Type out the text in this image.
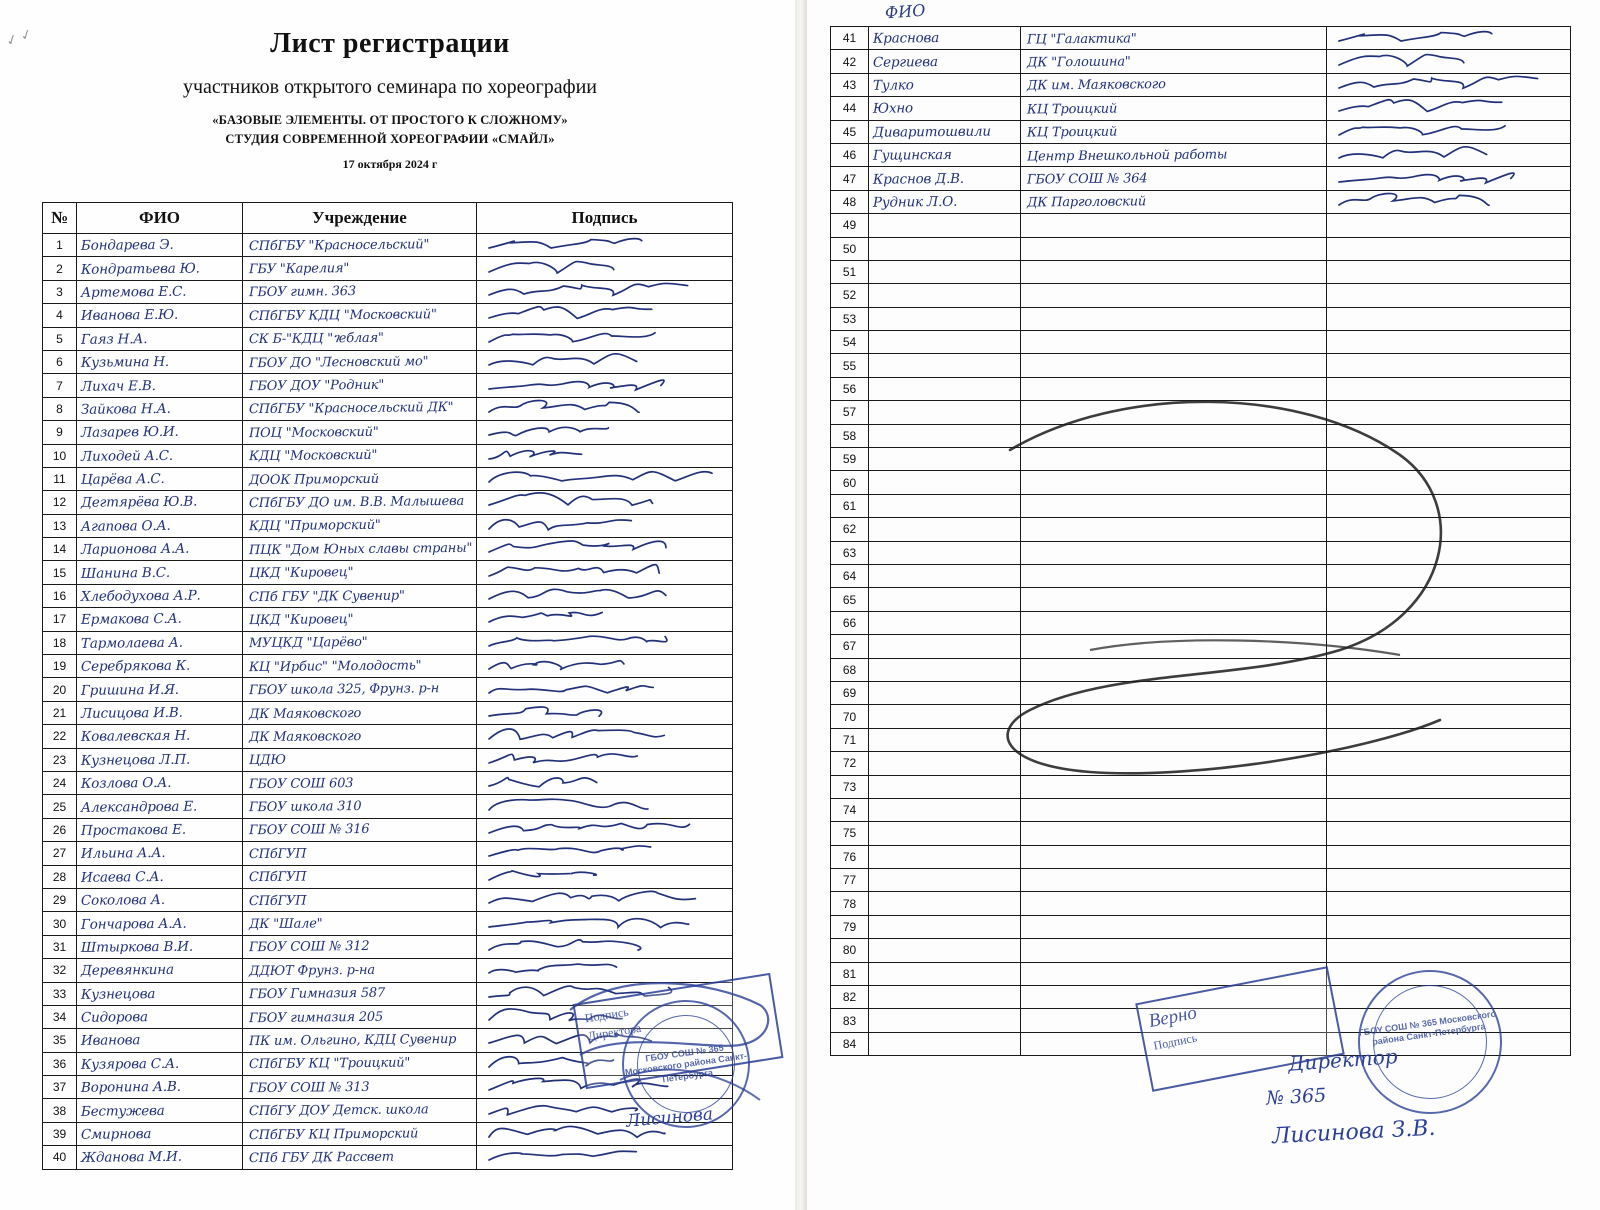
✓ ✓	Лист регистрации
участников открытого семинара по хореографии
«БАЗОВЫЕ ЭЛЕМЕНТЫ. ОТ ПРОСТОГО К СЛОЖНОМУ»
СТУДИЯ СОВРЕМЕННОЙ ХОРЕОГРАФИИ «СМАЙЛ»
17 октября 2024 г
№	ФИО	Учреждение	Подпись
1	Бондарева Э.	СПбГБУ "Красносельский"

2	Кондратьева Ю.	ГБУ "Карелия"

3	Артемова Е.С.	ГБОУ гимн. 363

4	Иванова Е.Ю.	СПбГБУ КДЦ "Московский"

5	Гаяз Н.А.	СК Б-"КДЦ "ገеблая"

6	Кузьмина Н.	ГБОУ ДО "Лесновский мо"

7	Лихач Е.В.	ГБОУ ДОУ "Родник"

8	Зайкова Н.А.	СПбГБУ "Красносельский ДК"

9	Лазарев Ю.И.	ПОЦ "Московский"

10	Лиходей А.С.	КДЦ "Московский"

11	Царёва А.С.	ДООК Приморский

12	Дегтярёва Ю.В.	СПбГБУ ДО им. В.В. Малышева

13	Агапова О.А.	КДЦ "Приморский"

14	Ларионова А.А.	ПЦК "Дом Юных славы страны"

15	Шанина В.С.	ЦКД "Кировец"

16	Хлебодухова А.Р.	СПб ГБУ "ДК Сувенир"

17	Ермакова С.А.	ЦКД "Кировец"

18	Тармолаева А.	МУЦКД "Царёво"

19	Серебрякова К.	КЦ "Ирбис" "Молодость"

20	Гришина И.Я.	ГБОУ школа 325, Фрунз. р-н

21	Лисицова И.В.	ДК Маяковского

22	Ковалевская Н.	ДК Маяковского

23	Кузнецова Л.П.	ЦДЮ

24	Козлова О.А.	ГБОУ СОШ 603

25	Александрова Е.	ГБОУ школа 310

26	Простакова Е.	ГБОУ СОШ № 316

27	Ильина А.А.	СПбГУП

28	Исаева С.А.	СПбГУП

29	Соколова А.	СПбГУП

30	Гончарова А.А.	ДК "Шале"

31	Штыркова В.И.	ГБОУ СОШ № 312

32	Деревянкина	ДДЮТ Фрунз. р-на

33	Кузнецова	ГБОУ Гимназия 587

34	Сидорова	ГБОУ гимназия 205

35	Иванова	ПК им. Ольгино, КДЦ Сувенир

36	Кузярова С.А.	СПбГБУ КЦ "Троицкий"

37	Воронина А.В.	ГБОУ СОШ № 313

38	Бестужева	СПбГУ ДОУ Детск. школа

39	Смирнова	СПбГБУ КЦ Приморский

40	Жданова М.И.	СПб ГБУ ДК Рассвет

ФИО
41	Краснова	ГЦ "Галактика"

42	Сергиева	ДК "Голошина"

43	Тулко	ДК им. Маяковского

44	Юхно	КЦ Троицкий

45	Диваритошвили	КЦ Троицкий

46	Гущинская	Центр Внешкольной работы

47	Краснов Д.В.	ГБОУ СОШ № 364

48	Рудник Л.О.	ДК Парголовский

49	

50	

51	

52	

53	

54	

55	

56	

57	

58	

59	

60	

61	

62	

63	

64	

65	

66	

67	

68	

69	

70	

71	

72	

73	

74	

75	

76	

77	

78	

79	

80	

81	

82	

83	

84	

Подпись
Директора
ГБОУ СОШ № 365 Московского района Санкт-Петербурга
Лисинова
Верно
Подпись
ГБОУ СОШ № 365 Московского района Санкт-Петербурга
Директор
№ 365
Лисинова З.В.
